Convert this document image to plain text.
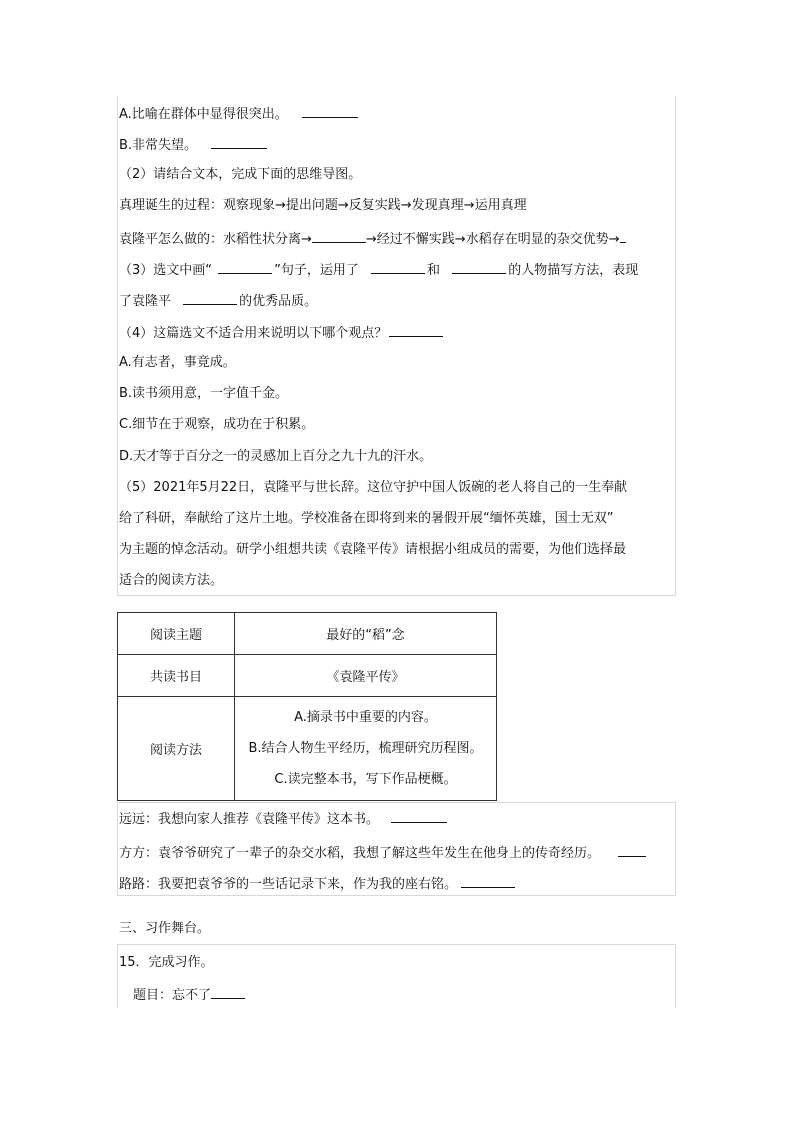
A.比喻在群体中显得很突出。
B.非常失望。
（2）请结合文本，完成下面的思维导图。
真理诞生的过程：观察现象→提出问题→反复实践→发现真理→运用真理
袁隆平怎么做的：水稻性状分离→	→经过不懈实践→水稻存在明显的杂交优势→
（3）选文中画“	”句子，运用了	和	的人物描写方法，表现
了袁隆平	的优秀品质。
（4）这篇选文不适合用来说明以下哪个观点？
A.有志者，事竟成。
B.读书须用意，一字值千金。
C.细节在于观察，成功在于积累。
D.天才等于百分之一的灵感加上百分之九十九的汗水。
（5）2021年5月22日，袁隆平与世长辞。这位守护中国人饭碗的老人将自己的一生奉献
给了科研，奉献给了这片土地。学校准备在即将到来的暑假开展“缅怀英雄，国士无双”
为主题的悼念活动。研学小组想共读《袁隆平传》请根据小组成员的需要，为他们选择最
适合的阅读方法。
阅读主题	最好的“稻”念
共读书目	《袁隆平传》
阅读方法	A.摘录书中重要的内容。
B.结合人物生平经历，梳理研究历程图。
C.读完整本书，写下作品梗概。
远远：我想向家人推荐《袁隆平传》这本书。
方方：袁爷爷研究了一辈子的杂交水稻，我想了解这些年发生在他身上的传奇经历。
路路：我要把袁爷爷的一些话记录下来，作为我的座右铭。
三、习作舞台。
15．完成习作。
题目：忘不了
